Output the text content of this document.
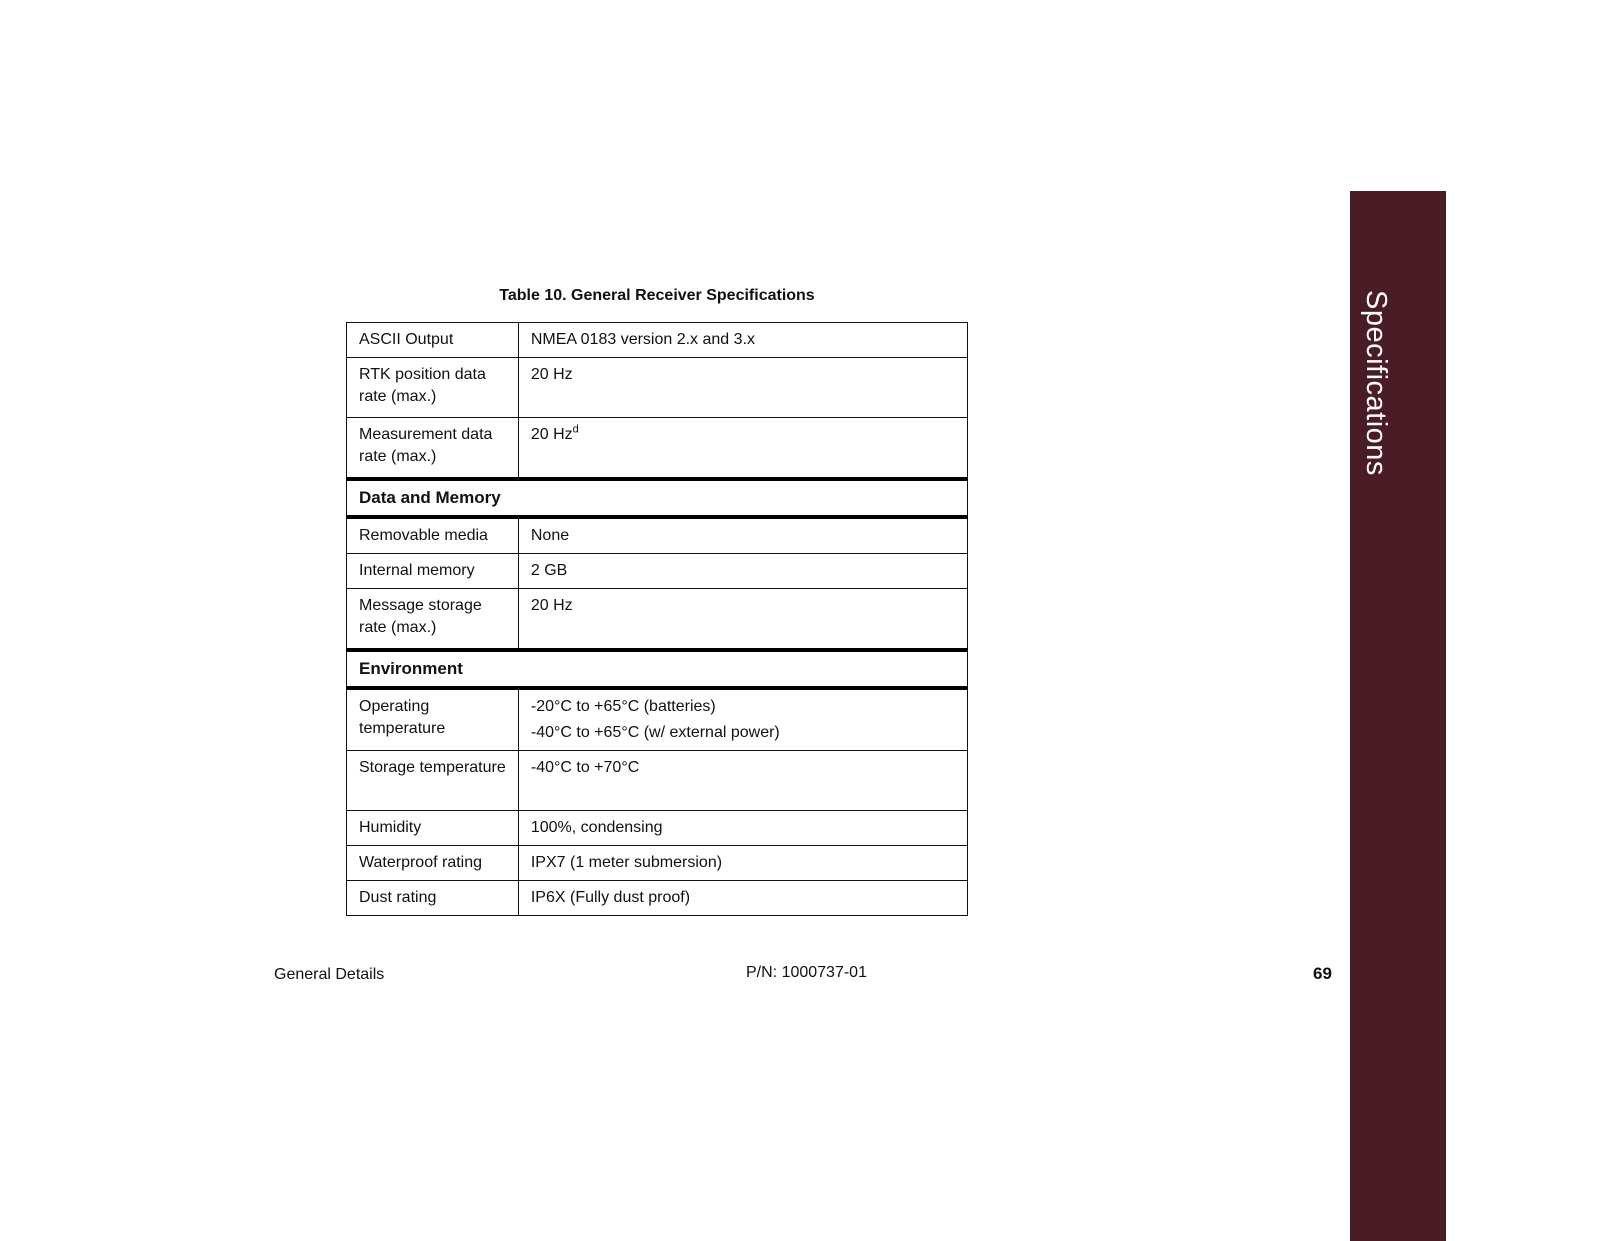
Specifications
Table 10. General Receiver Specifications
ASCII Output	NMEA 0183 version 2.x and 3.x

RTK position data rate (max.)	20 Hz

Measurement data rate (max.)	20 Hz$^d$

Data and Memory	
Removable media	None

Internal memory	2 GB

Message storage rate (max.)	20 Hz

Environment	
Operating temperature	-20°C to +65°C (batteries)
-40°C to +65°C (w/ external power)

Storage temperature	-40°C to +70°C

Humidity	100%, condensing

Waterproof rating	IPX7 (1 meter submersion)

Dust rating	IP6X (Fully dust proof)
General Details	P/N: 1000737-01	69
